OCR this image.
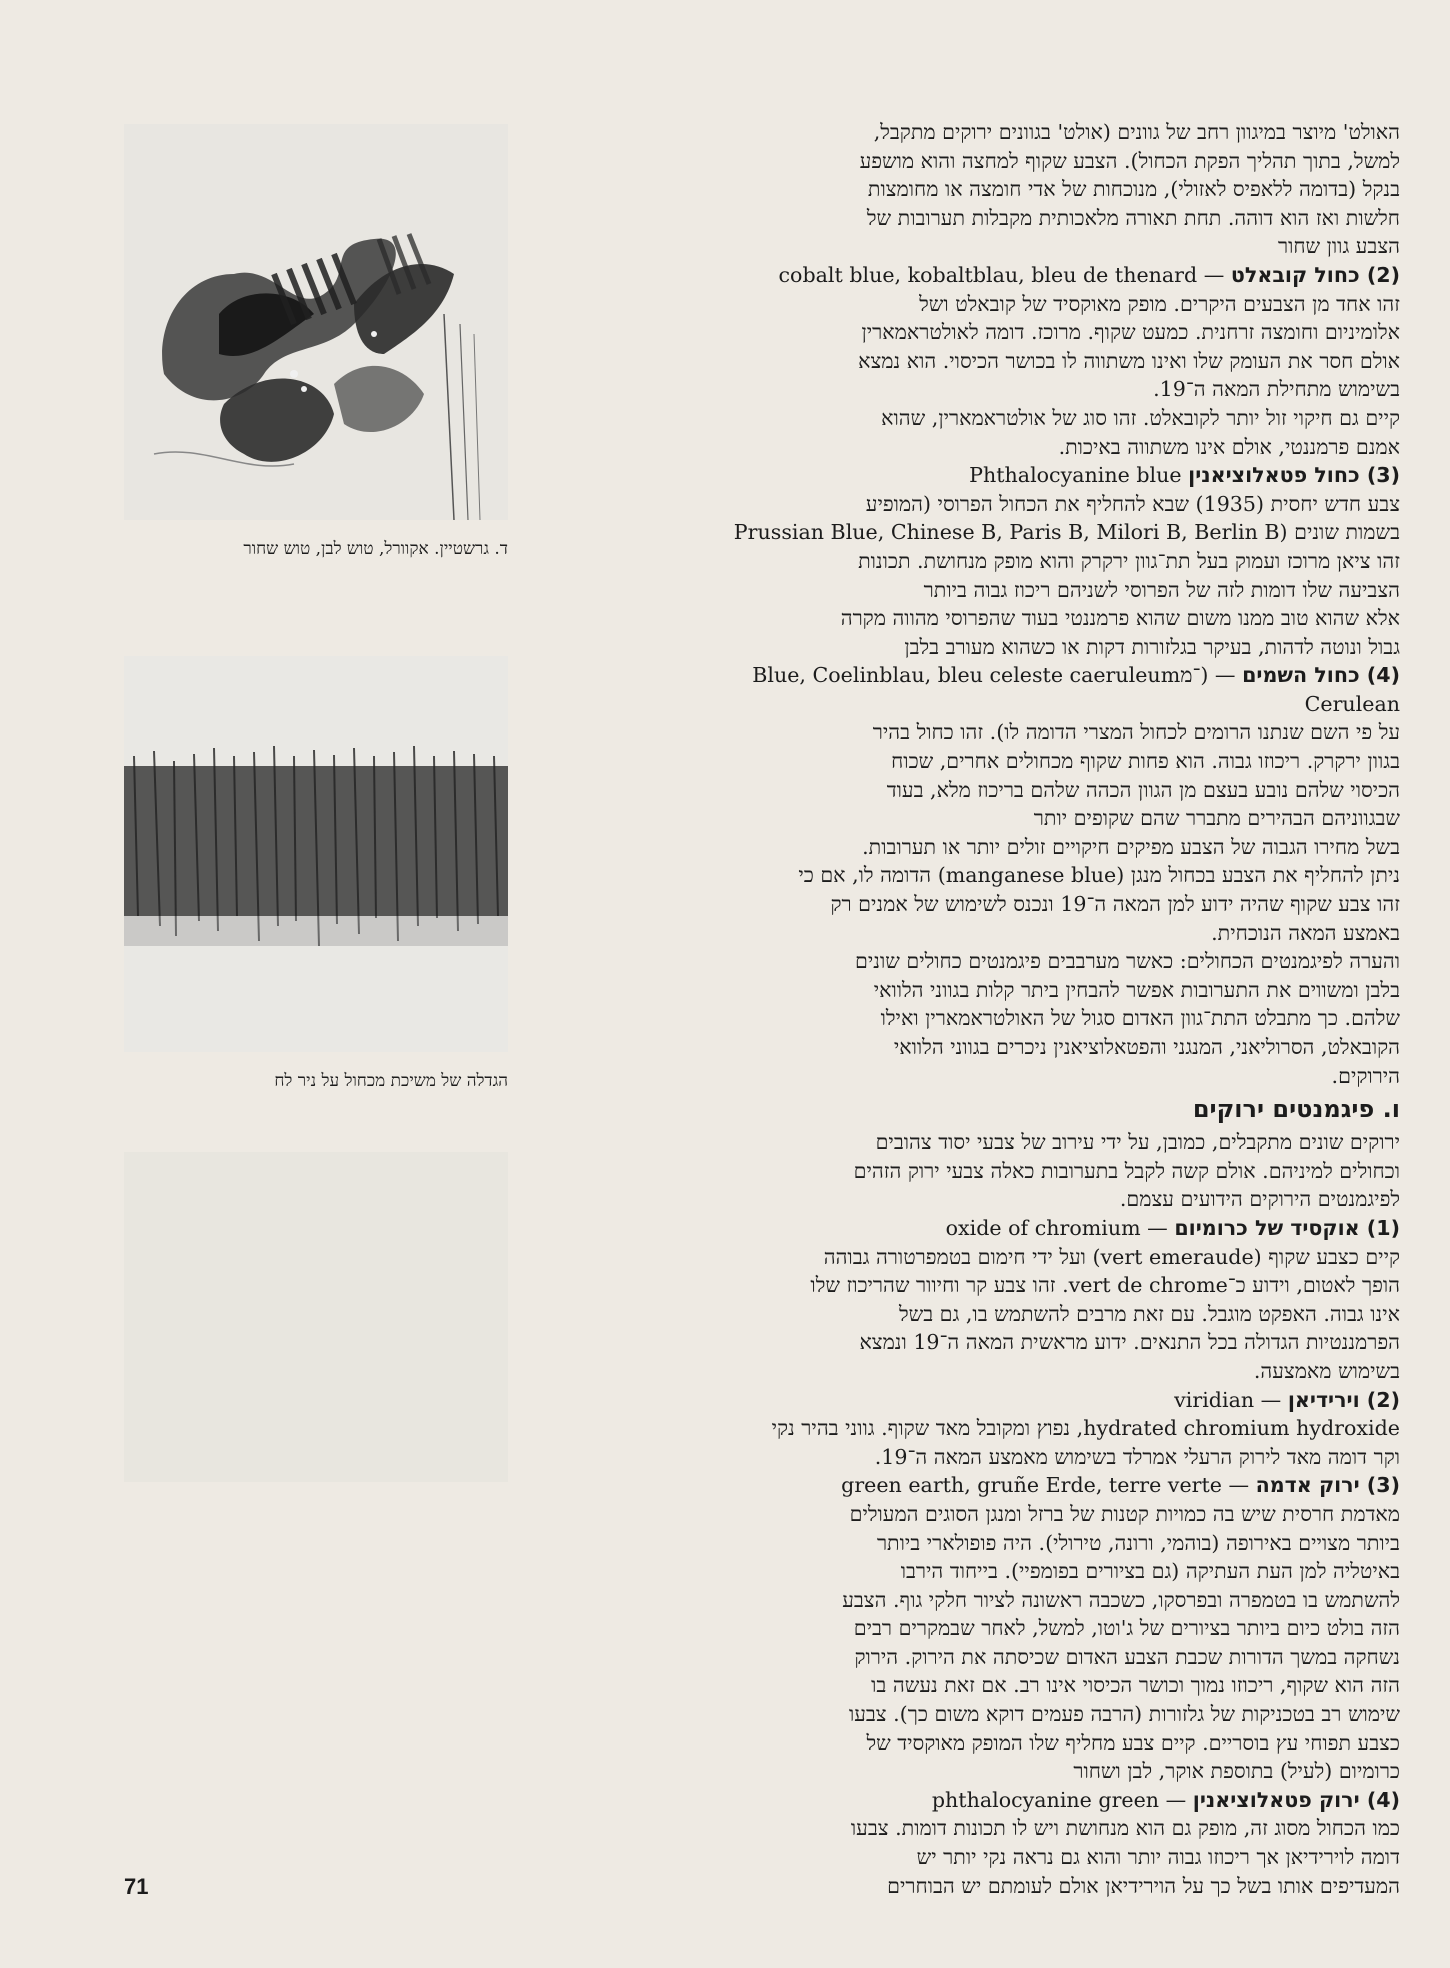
ד. גרשטיין. אקוורל, טוש לבן, טוש שחור
הגדלה של משיכת מכחול על ניר לח

האולט' מיוצר במיגוון רחב של גוונים (אולט' בגוונים ירוקים מתקבל,

למשל, בתוך תהליך הפקת הכחול). הצבע שקוף למחצה והוא מושפע

בנקל (בדומה ללאפיס לאזולי), מנוכחות של אדי חומצה או מחומצות

חלשות ואז הוא דוהה. תחת תאורה מלאכותית מקבלות תערובות של

הצבע גוון שחור

(2) כחול קובאלט — cobalt blue, kobaltblau, bleu de thenard

זהו אחד מן הצבעים היקרים. מופק מאוקסיד של קובאלט ושל

אלומיניום וחומצה זרחנית. כמעט שקוף. מרוכז. דומה לאולטראמארין

אולם חסר את העומק שלו ואינו משתווה לו בכושר הכיסוי. הוא נמצא

בשימוש מתחילת המאה ה־19.

קיים גם חיקוי זול יותר לקובאלט. זהו סוג של אולטראמארין, שהוא

אמנם פרמננטי, אולם אינו משתווה באיכות.

(3) כחול פטאלוציאנין Phthalocyanine blue

צבע חדש יחסית (1935) שבא להחליף את הכחול הפרוסי (המופיע

בשמות שונים (Prussian Blue, Chinese B, Paris B, Milori B, Berlin B

זהו ציאן מרוכז ועמוק בעל תת־גוון ירקרק והוא מופק מנחושת. תכונות

הצביעה שלו דומות לזה של הפרוסי לשניהם ריכוז גבוה ביותר

אלא שהוא טוב ממנו משום שהוא פרמננטי בעוד שהפרוסי מהווה מקרה

גבול ונוטה לדהות, בעיקר בגלזורות דקות או כשהוא מעורב בלבן

(4) כחול השמים — Blue, Coelinblau, bleu celeste caeruleum־מ)

Cerulean

על פי השם שנתנו הרומים לכחול המצרי הדומה לו). זהו כחול בהיר

בגוון ירקרק. ריכוזו גבוה. הוא פחות שקוף מכחולים אחרים, שכוח

הכיסוי שלהם נובע בעצם מן הגוון הכהה שלהם בריכוז מלא, בעוד

שבגווניהם הבהירים מתברר שהם שקופים יותר

בשל מחירו הגבוה של הצבע מפיקים חיקויים זולים יותר או תערובות.

ניתן להחליף את הצבע בכחול מנגן (manganese blue) הדומה לו, אם כי

זהו צבע שקוף שהיה ידוע למן המאה ה־19 ונכנס לשימוש של אמנים רק

באמצע המאה הנוכחית.

והערה לפיגמנטים הכחולים: כאשר מערבבים פיגמנטים כחולים שונים

בלבן ומשווים את התערובות אפשר להבחין ביתר קלות בגווני הלוואי

שלהם. כך מתבלט התת־גוון האדום סגול של האולטראמארין ואילו

הקובאלט, הסרוליאני, המנגני והפטאלוציאנין ניכרים בגווני הלוואי

הירוקים.

ו. פיגמנטים ירוקים

ירוקים שונים מתקבלים, כמובן, על ידי עירוב של צבעי יסוד צהובים

וכחולים למיניהם. אולם קשה לקבל בתערובות כאלה צבעי ירוק הזהים

לפיגמנטים הירוקים הידועים עצמם.

(1) אוקסיד של כרומיום — oxide of chromium

קיים כצבע שקוף (vert emeraude) ועל ידי חימום בטמפרטורה גבוהה

הופך לאטום, וידוע כ־vert de chrome. זהו צבע קר וחיוור שהריכוז שלו

אינו גבוה. האפקט מוגבל. עם זאת מרבים להשתמש בו, גם בשל

הפרמננטיות הגדולה בכל התנאים. ידוע מראשית המאה ה־19 ונמצא

בשימוש מאמצעה.

(2) וירידיאן — viridian

hydrated chromium hydroxide, נפוץ ומקובל מאד שקוף. גווני בהיר נקי

וקר דומה מאד לירוק הרעלי אמרלד בשימוש מאמצע המאה ה־19.

(3) ירוק אדמה — green earth, gruñe Erde, terre verte

מאדמת חרסית שיש בה כמויות קטנות של ברזל ומנגן הסוגים המעולים

ביותר מצויים באירופה (בוהמי, ורונה, טירולי). היה פופולארי ביותר

באיטליה למן העת העתיקה (גם בציורים בפומפיי). בייחוד הירבו

להשתמש בו בטמפרה ובפרסקו, כשכבה ראשונה לציור חלקי גוף. הצבע

הזה בולט כיום ביותר בציורים של ג'וטו, למשל, לאחר שבמקרים רבים

נשחקה במשך הדורות שכבת הצבע האדום שכיסתה את הירוק. הירוק

הזה הוא שקוף, ריכוזו נמוך וכושר הכיסוי אינו רב. אם זאת נעשה בו

שימוש רב בטכניקות של גלזורות (הרבה פעמים דוקא משום כך). צבעו

כצבע תפוחי עץ בוסריים. קיים צבע מחליף שלו המופק מאוקסיד של

כרומיום (לעיל) בתוספת אוקר, לבן ושחור

(4) ירוק פטאלוציאנין — phthalocyanine green

כמו הכחול מסוג זה, מופק גם הוא מנחושת ויש לו תכונות דומות. צבעו

דומה לוירידיאן אך ריכוזו גבוה יותר והוא גם נראה נקי יותר יש

המעדיפים אותו בשל כך על הוירידיאן אולם לעומתם יש הבוחרים

71
